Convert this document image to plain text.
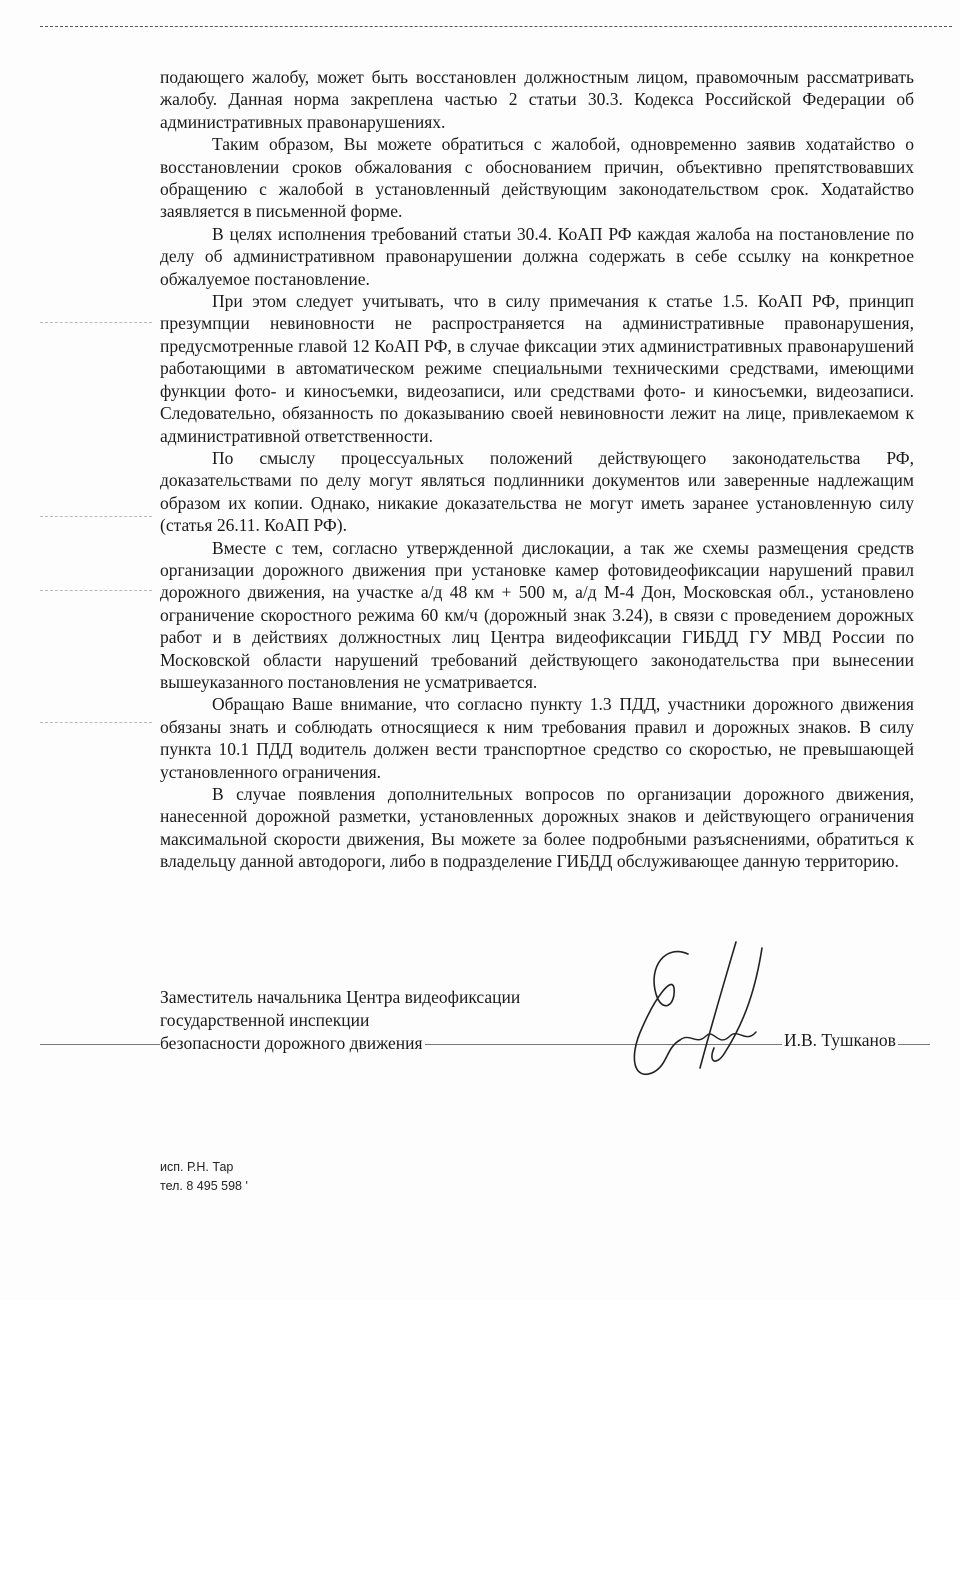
подающего жалобу, может быть восстановлен должностным лицом, правомочным рассматривать жалобу. Данная норма закреплена частью 2 статьи 30.3. Кодекса Российской Федерации об административных правонарушениях.

Таким образом, Вы можете обратиться с жалобой, одновременно заявив ходатайство о восстановлении сроков обжалования с обоснованием причин, объективно препятствовавших обращению с жалобой в установленный действующим законодательством срок. Ходатайство заявляется в письменной форме.

В целях исполнения требований статьи 30.4. КоАП РФ каждая жалоба на постановление по делу об административном правонарушении должна содержать в себе ссылку на конкретное обжалуемое постановление.

При этом следует учитывать, что в силу примечания к статье 1.5. КоАП РФ, принцип презумпции невиновности не распространяется на административные правонарушения, предусмотренные главой 12 КоАП РФ, в случае фиксации этих административных правонарушений работающими в автоматическом режиме специальными техническими средствами, имеющими функции фото- и киносъемки, видеозаписи, или средствами фото- и киносъемки, видеозаписи. Следовательно, обязанность по доказыванию своей невиновности лежит на лице, привлекаемом к административной ответственности.

По смыслу процессуальных положений действующего законодательства РФ, доказательствами по делу могут являться подлинники документов или заверенные надлежащим образом их копии. Однако, никакие доказательства не могут иметь заранее установленную силу (статья 26.11. КоАП РФ).

Вместе с тем, согласно утвержденной дислокации, а так же схемы размещения средств организации дорожного движения при установке камер фотовидеофиксации нарушений правил дорожного движения, на участке а/д 48 км + 500 м, а/д М-4 Дон, Московская обл., установлено ограничение скоростного режима 60 км/ч (дорожный знак 3.24), в связи с проведением дорожных работ и в действиях должностных лиц Центра видеофиксации ГИБДД ГУ МВД России по Московской области нарушений требований действующего законодательства при вынесении вышеуказанного постановления не усматривается.

Обращаю Ваше внимание, что согласно пункту 1.3 ПДД, участники дорожного движения обязаны знать и соблюдать относящиеся к ним требования правил и дорожных знаков. В силу пункта 10.1 ПДД водитель должен вести транспортное средство со скоростью, не превышающей установленного ограничения.

В случае появления дополнительных вопросов по организации дорожного движения, нанесенной дорожной разметки, установленных дорожных знаков и действующего ограничения максимальной скорости движения, Вы можете за более подробными разъяснениями, обратиться к владельцу данной автодороги, либо в подразделение ГИБДД обслуживающее данную территорию.

Заместитель начальника Центра видеофиксации
государственной инспекции
безопасности дорожного движения	И.В. Тушканов
исп. Р.Н. Тар
тел. 8 495 598 '
